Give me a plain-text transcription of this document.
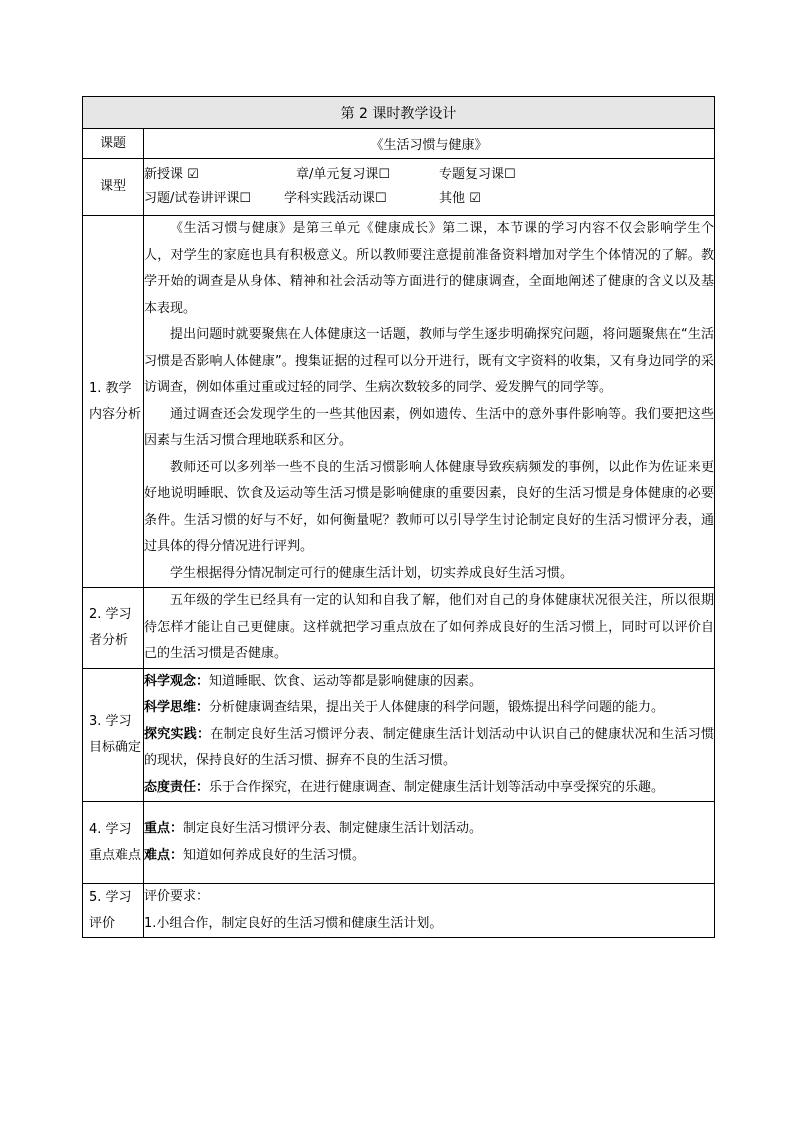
第 2 课时教学设计	
课题	《生活习惯与健康》
课型	新授课 ☑ 章/单元复习课☐ 专题复习课☐
习题/试卷讲评课☐ 学科实践活动课☐ 其他 ☑

1. 教学内容分析	《生活习惯与健康》是第三单元《健康成长》第二课，本节课的学习内容不仅会影响学生个人，对学生的家庭也具有积极意义。所以教师要注意提前准备资料增加对学生个体情况的了解。教学开始的调查是从身体、精神和社会活动等方面进行的健康调查，全面地阐述了健康的含义以及基本表现。

提出问题时就要聚焦在人体健康这一话题，教师与学生逐步明确探究问题，将问题聚焦在“生活习惯是否影响人体健康”。搜集证据的过程可以分开进行，既有文字资料的收集，又有身边同学的采访调查，例如体重过重或过轻的同学、生病次数较多的同学、爱发脾气的同学等。

通过调查还会发现学生的一些其他因素，例如遗传、生活中的意外事件影响等。我们要把这些因素与生活习惯合理地联系和区分。

教师还可以多列举一些不良的生活习惯影响人体健康导致疾病频发的事例，以此作为佐证来更好地说明睡眠、饮食及运动等生活习惯是影响健康的重要因素，良好的生活习惯是身体健康的必要条件。生活习惯的好与不好，如何衡量呢？教师可以引导学生讨论制定良好的生活习惯评分表，通过具体的得分情况进行评判。

学生根据得分情况制定可行的健康生活计划，切实养成良好生活习惯。

2. 学习者分析	五年级的学生已经具有一定的认知和自我了解，他们对自己的身体健康状况很关注，所以很期待怎样才能让自己更健康。这样就把学习重点放在了如何养成良好的生活习惯上，同时可以评价自己的生活习惯是否健康。

3. 学习目标确定	科学观念：知道睡眠、饮食、运动等都是影响健康的因素。

科学思维：分析健康调查结果，提出关于人体健康的科学问题，锻炼提出科学问题的能力。

探究实践：在制定良好生活习惯评分表、制定健康生活计划活动中认识自己的健康状况和生活习惯的现状，保持良好的生活习惯、摒弃不良的生活习惯。

态度责任：乐于合作探究，在进行健康调查、制定健康生活计划等活动中享受探究的乐趣。

4. 学习重点难点	重点：制定良好生活习惯评分表、制定健康生活计划活动。

难点：知道如何养成良好的生活习惯。

5. 学习评价	评价要求：

1.小组合作，制定良好的生活习惯和健康生活计划。
